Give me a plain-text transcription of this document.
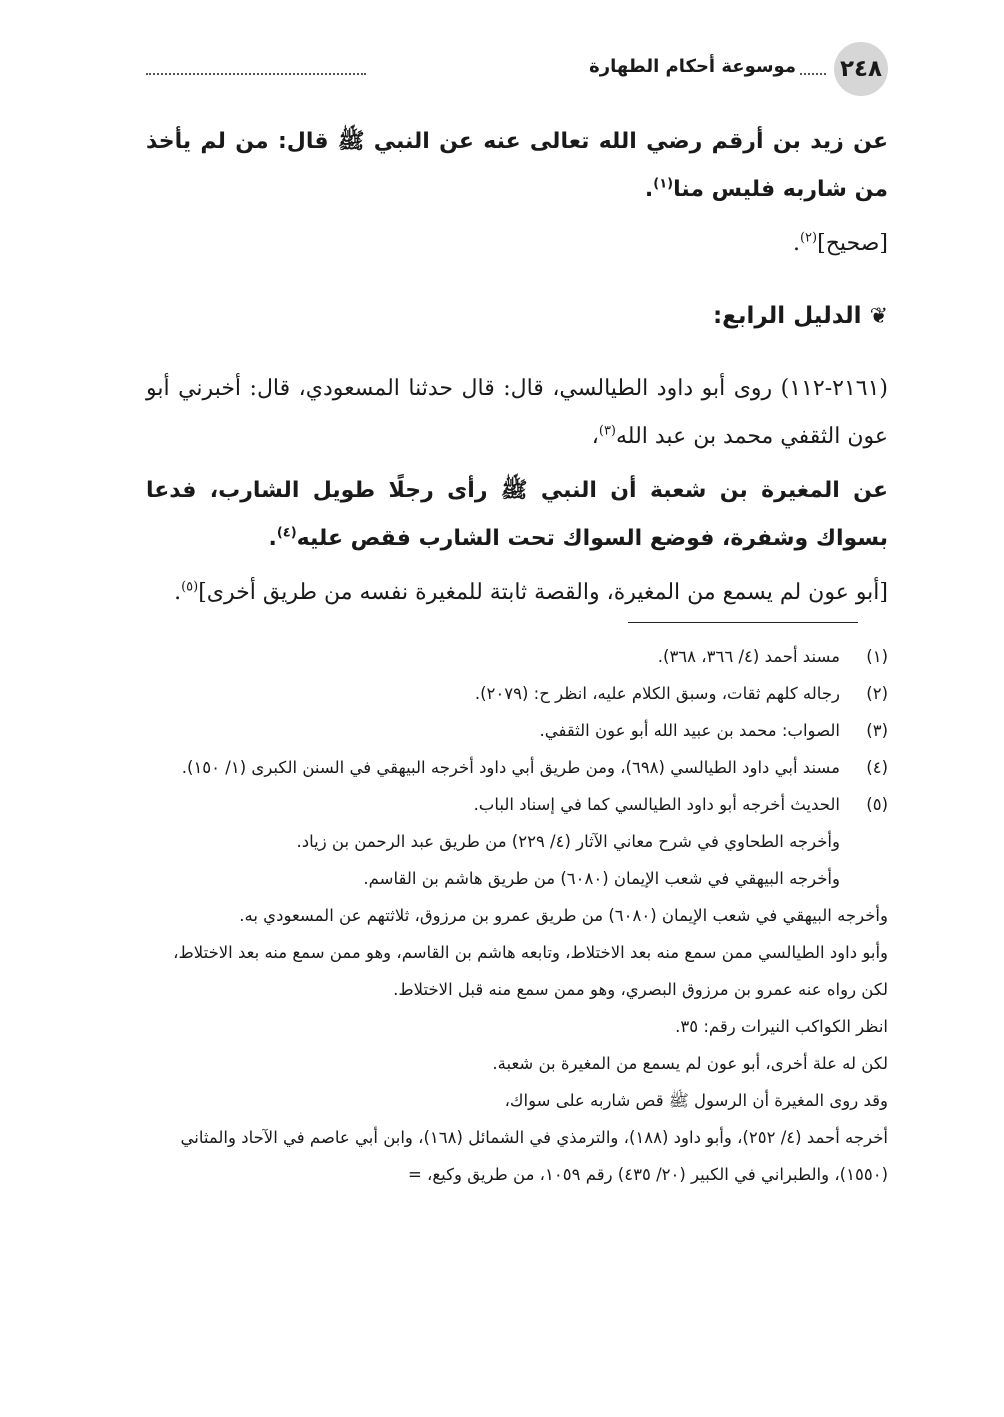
٢٤٨
موسوعة أحكام الطهارة

عن زيد بن أرقم رضي الله تعالى عنه عن النبي ﷺ قال: من لم يأخذ من شاربه فليس منا$^{(١)}$.

[صحيح]$^{(٢)}$.

❦الدليل الرابع:

(٢١٦١-١١٢) روى أبو داود الطيالسي، قال: قال حدثنا المسعودي، قال: أخبرني أبو عون الثقفي محمد بن عبد الله$^{(٣)}$،

عن المغيرة بن شعبة أن النبي ﷺ رأى رجلًا طويل الشارب، فدعا بسواك وشفرة، فوضع السواك تحت الشارب فقص عليه$^{(٤)}$.

[أبو عون لم يسمع من المغيرة، والقصة ثابتة للمغيرة نفسه من طريق أخرى]$^{(٥)}$.

(١)
مسند أحمد (٤/ ٣٦٦، ٣٦٨).
(٢)
رجاله كلهم ثقات، وسبق الكلام عليه، انظر ح: (٢٠٧٩).
(٣)
الصواب: محمد بن عبيد الله أبو عون الثقفي.
(٤)
مسند أبي داود الطيالسي (٦٩٨)، ومن طريق أبي داود أخرجه البيهقي في السنن الكبرى (١/ ١٥٠).
(٥)
الحديث أخرجه أبو داود الطيالسي كما في إسناد الباب.
وأخرجه الطحاوي في شرح معاني الآثار (٤/ ٢٢٩) من طريق عبد الرحمن بن زياد.
وأخرجه البيهقي في شعب الإيمان (٦٠٨٠) من طريق هاشم بن القاسم.
وأخرجه البيهقي في شعب الإيمان (٦٠٨٠) من طريق عمرو بن مرزوق، ثلاثتهم عن المسعودي به.
وأبو داود الطيالسي ممن سمع منه بعد الاختلاط، وتابعه هاشم بن القاسم، وهو ممن سمع منه بعد الاختلاط، لكن رواه عنه عمرو بن مرزوق البصري، وهو ممن سمع منه قبل الاختلاط.
انظر الكواكب النيرات رقم: ٣٥.
لكن له علة أخرى، أبو عون لم يسمع من المغيرة بن شعبة.
وقد روى المغيرة أن الرسول ﷺ قص شاربه على سواك،
أخرجه أحمد (٤/ ٢٥٢)، وأبو داود (١٨٨)، والترمذي في الشمائل (١٦٨)، وابن أبي عاصم في الآحاد والمثاني (١٥٥٠)، والطبراني في الكبير (٢٠/ ٤٣٥) رقم ١٠٥٩، من طريق وكيع، =
